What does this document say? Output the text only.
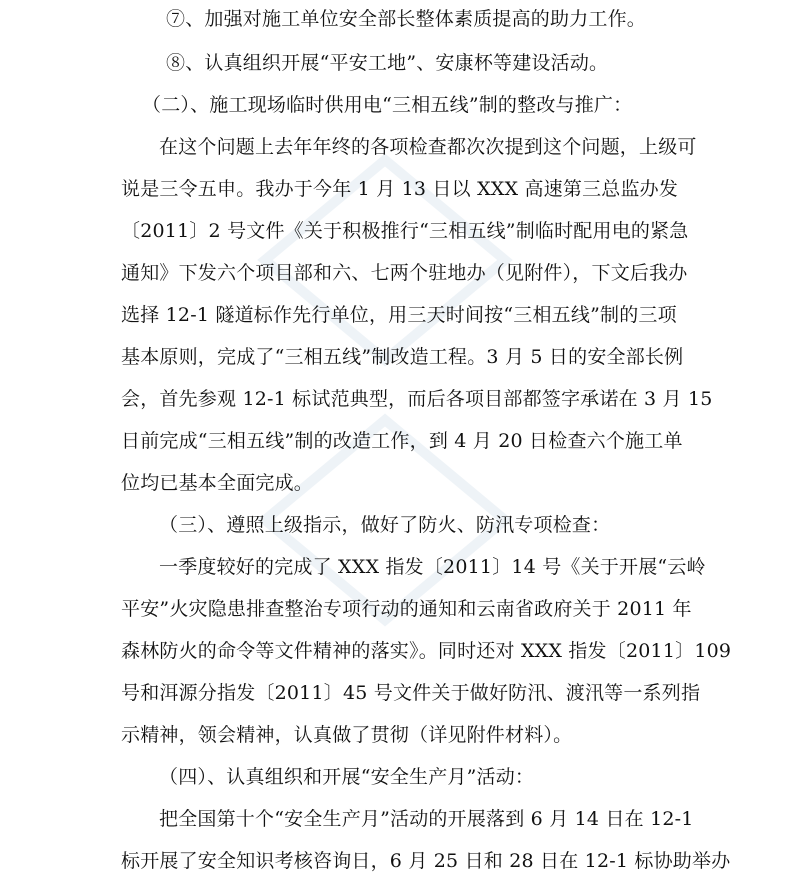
⑦、加强对施工单位安全部长整体素质提高的助力工作。
⑧、认真组织开展“平安工地”、安康杯等建设活动。
（二）、施工现场临时供用电“三相五线”制的整改与推广：
在这个问题上去年年终的各项检查都次次提到这个问题，上级可
说是三令五申。我办于今年 1 月 13 日以 XXX 高速第三总监办发
〔2011〕2 号文件《关于积极推行“三相五线”制临时配用电的紧急
通知》下发六个项目部和六、七两个驻地办（见附件），下文后我办
选择 12-1 隧道标作先行单位，用三天时间按“三相五线”制的三项
基本原则，完成了“三相五线”制改造工程。3 月 5 日的安全部长例
会，首先参观 12-1 标试范典型，而后各项目部都签字承诺在 3 月 15
日前完成“三相五线”制的改造工作，到 4 月 20 日检查六个施工单
位均已基本全面完成。
（三）、遵照上级指示，做好了防火、防汛专项检查：
一季度较好的完成了 XXX 指发〔2011〕14 号《关于开展“云岭
平安”火灾隐患排查整治专项行动的通知和云南省政府关于 2011 年
森林防火的命令等文件精神的落实》。同时还对 XXX 指发〔2011〕109
号和洱源分指发〔2011〕45 号文件关于做好防汛、渡汛等一系列指
示精神，领会精神，认真做了贯彻（详见附件材料）。
（四）、认真组织和开展“安全生产月”活动：
把全国第十个“安全生产月”活动的开展落到 6 月 14 日在 12-1
标开展了安全知识考核咨询日，6 月 25 日和 28 日在 12-1 标协助举办
